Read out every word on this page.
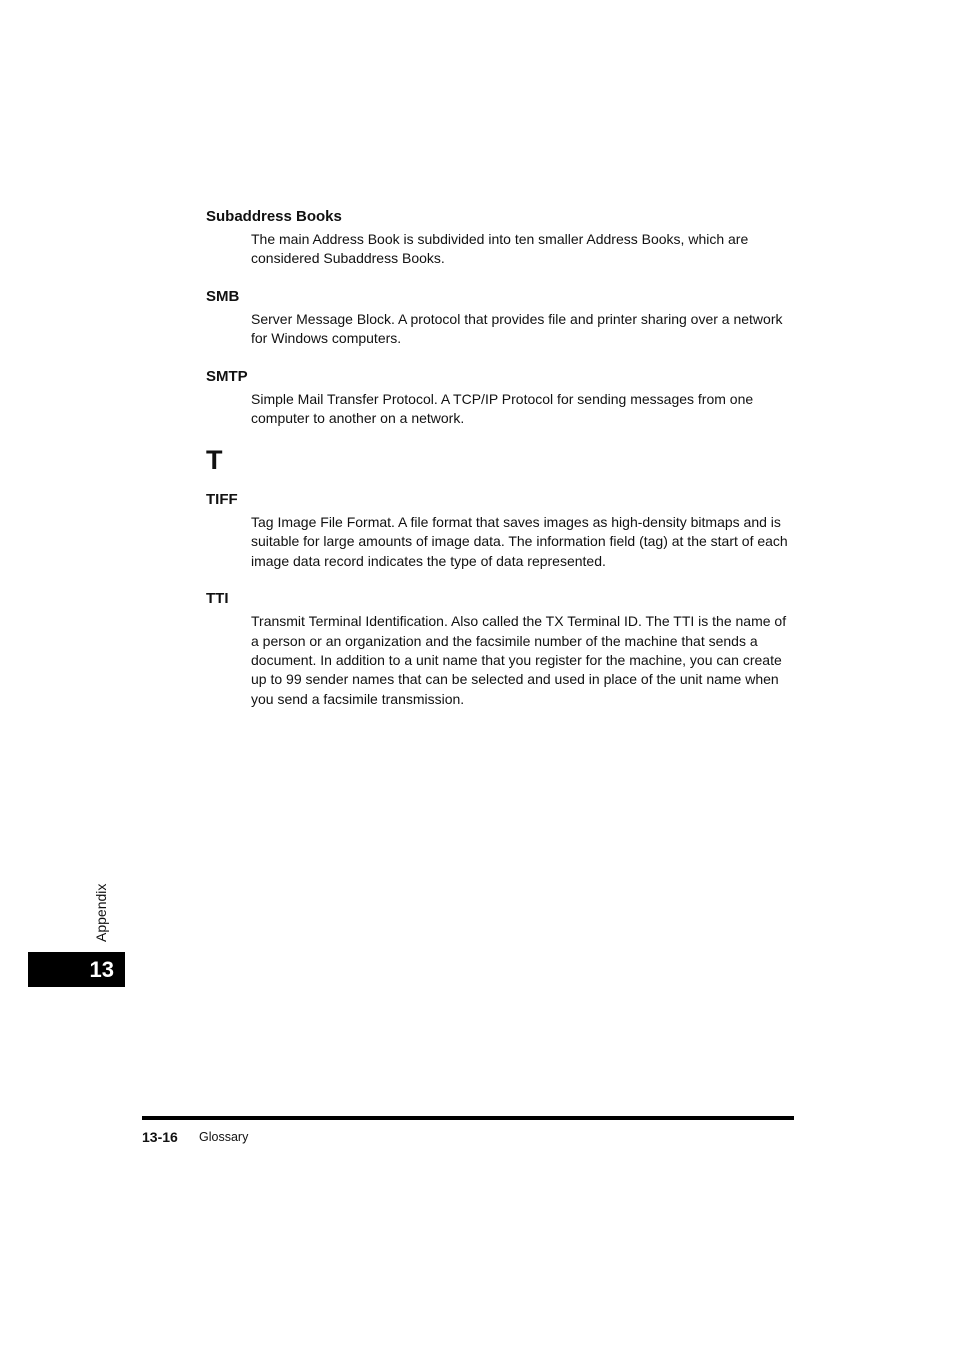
Subaddress Books

The main Address Book is subdivided into ten smaller Address Books, which are considered Subaddress Books.

SMB

Server Message Block. A protocol that provides file and printer sharing over a network for Windows computers.

SMTP

Simple Mail Transfer Protocol. A TCP/IP Protocol for sending messages from one computer to another on a network.

T

TIFF

Tag Image File Format. A file format that saves images as high-density bitmaps and is suitable for large amounts of image data. The information field (tag) at the start of each image data record indicates the type of data represented.

TTI

Transmit Terminal Identification. Also called the TX Terminal ID. The TTI is the name of a person or an organization and the facsimile number of the machine that sends a document. In addition to a unit name that you register for the machine, you can create up to 99 sender names that can be selected and used in place of the unit name when you send a facsimile transmission.

Appendix
13
13-16 Glossary
